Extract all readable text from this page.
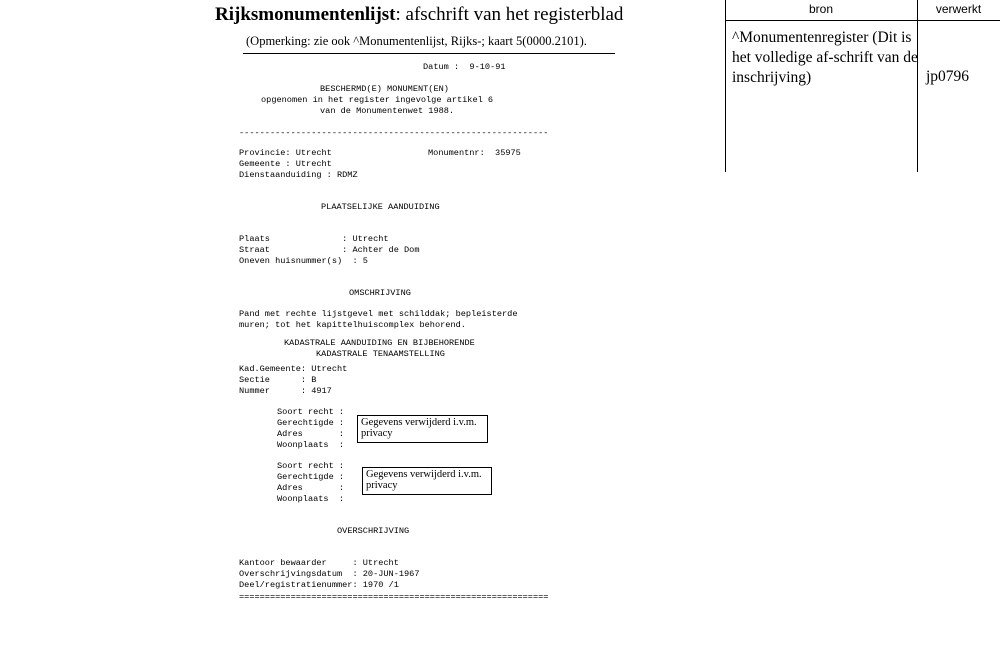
Rijksmonumentenlijst: afschrift van het registerblad
(Opmerking: zie ook ^Monumentenlijst, Rijks-; kaart 5(0000.2101).
Datum :  9-10-91
BESCHERMD(E) MONUMENT(EN)
opgenomen in het register ingevolge artikel 6
van de Monumentenwet 1988.
------------------------------------------------------------
Provincie: Utrecht	Monumentnr:  35975
Gemeente : Utrecht
Dienstaanduiding : RDMZ
PLAATSELIJKE AANDUIDING
Plaats              : Utrecht
Straat              : Achter de Dom
Oneven huisnummer(s)  : 5
OMSCHRIJVING
Pand met rechte lijstgevel met schilddak; bepleisterde
muren; tot het kapittelhuiscomplex behorend.
KADASTRALE AANDUIDING EN BIJBEHORENDE
KADASTRALE TENAAMSTELLING
Kad.Gemeente: Utrecht
Sectie      : B
Nummer      : 4917
Soort recht :
Gerechtigde :
Adres       :
Woonplaats  :
Gegevens verwijderd i.v.m. privacy
Soort recht :
Gerechtigde :
Adres       :
Woonplaats  :
Gegevens verwijderd i.v.m. privacy
OVERSCHRIJVING
Kantoor bewaarder     : Utrecht
Overschrijvingsdatum  : 20-JUN-1967
Deel/registratienummer: 1970 /1
============================================================
bron	verwerkt
^Monumentenregister (Dit is het volledige af-schrift van de inschrijving)	jp0796
